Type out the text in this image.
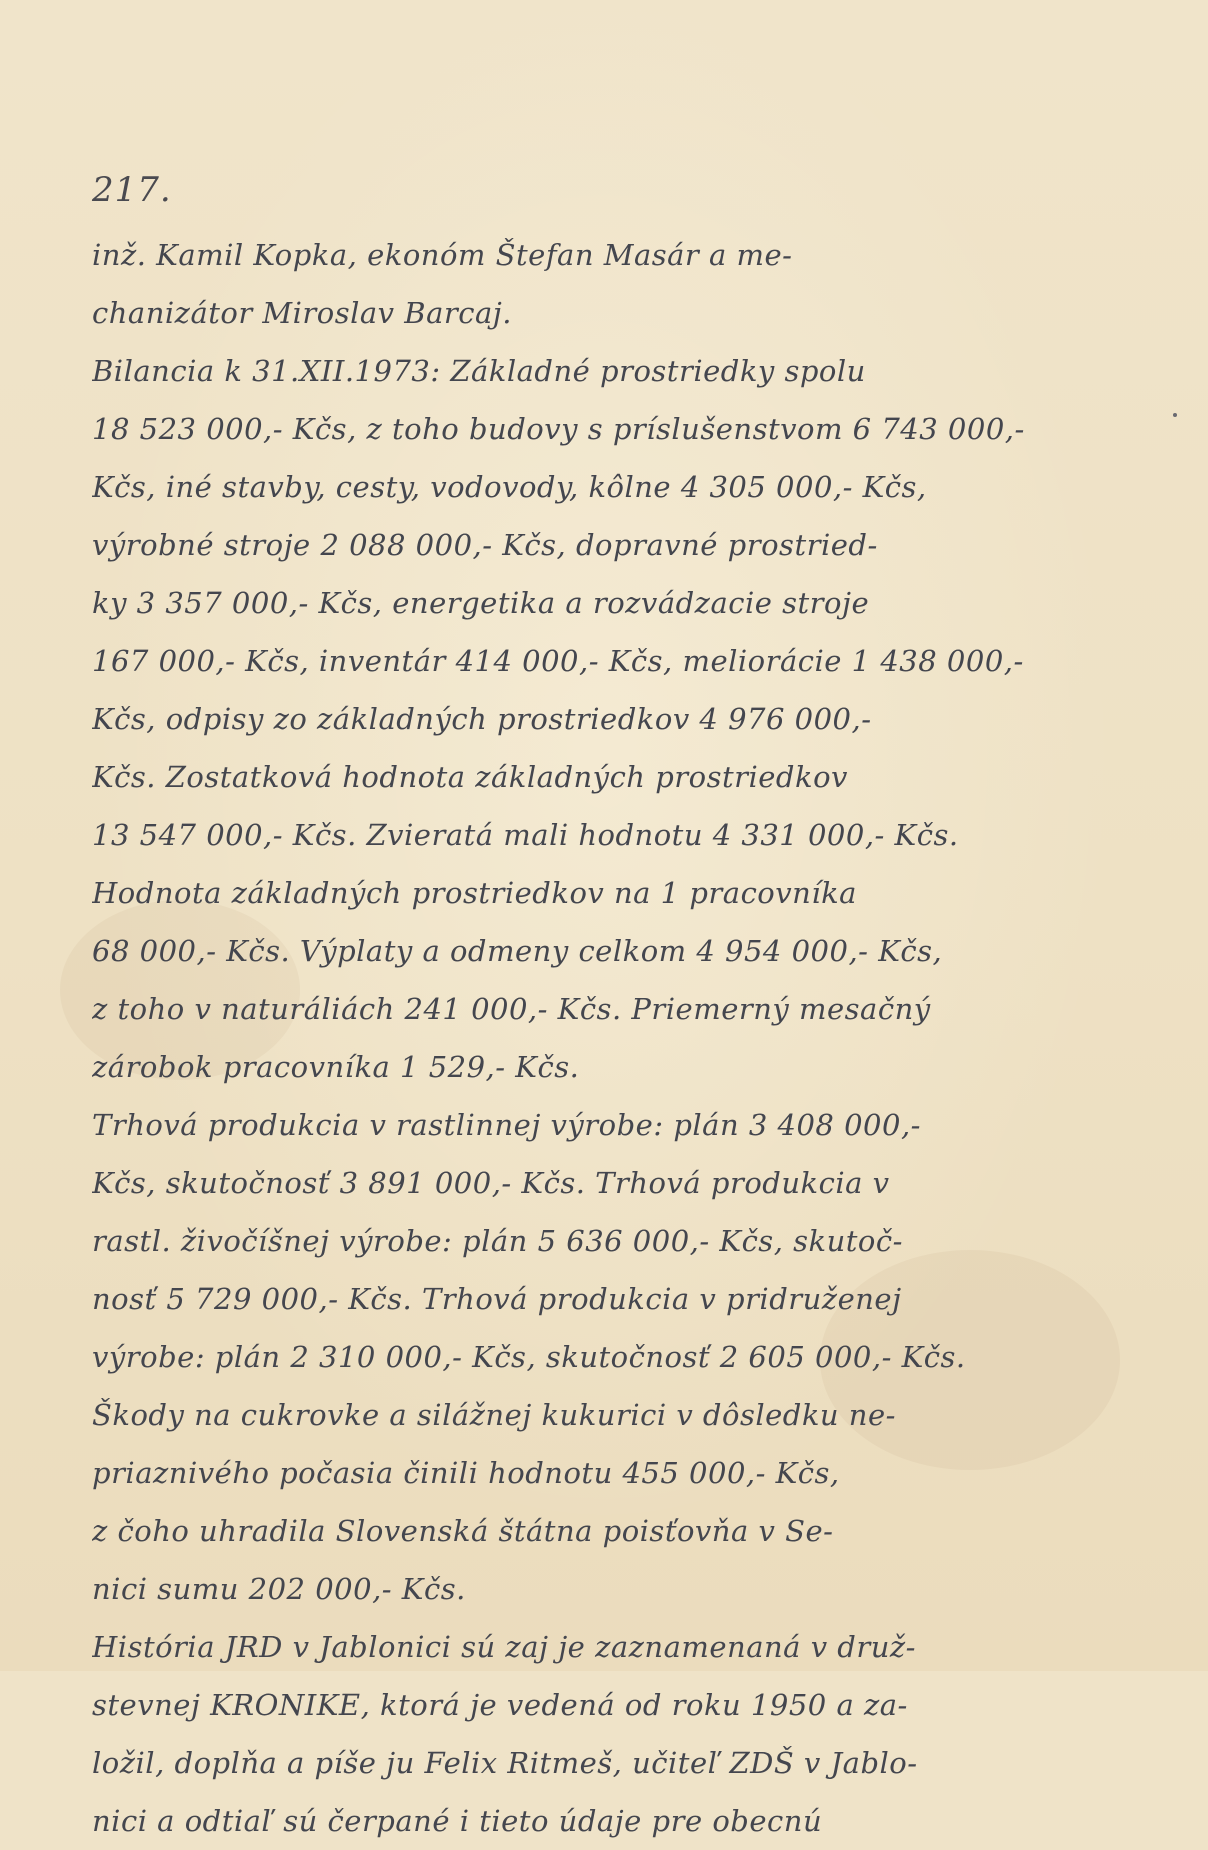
217.
inž. Kamil Kopka, ekonóm Štefan Masár a me-
chanizátor Miroslav Barcaj.
Bilancia k 31.XII.1973: Základné prostriedky spolu
18 523 000,- Kčs, z toho budovy s príslušenstvom 6 743 000,-
Kčs, iné stavby, cesty, vodovody, kôlne 4 305 000,- Kčs,
výrobné stroje 2 088 000,- Kčs, dopravné prostried-
ky 3 357 000,- Kčs, energetika a rozvádzacie stroje
167 000,- Kčs, inventár 414 000,- Kčs, meliorácie 1 438 000,-
Kčs, odpisy zo základných prostriedkov 4 976 000,-
Kčs. Zostatková hodnota základných prostriedkov
13 547 000,- Kčs. Zvieratá mali hodnotu 4 331 000,- Kčs.
Hodnota základných prostriedkov na 1 pracovníka
68 000,- Kčs. Výplaty a odmeny celkom 4 954 000,- Kčs,
z toho v naturáliách 241 000,- Kčs. Priemerný mesačný
zárobok pracovníka 1 529,- Kčs.
Trhová produkcia v rastlinnej výrobe: plán 3 408 000,-
Kčs, skutočnosť 3 891 000,- Kčs. Trhová produkcia v
rastl. živočíšnej výrobe: plán 5 636 000,- Kčs, skutoč-
nosť 5 729 000,- Kčs. Trhová produkcia v pridruženej
výrobe: plán 2 310 000,- Kčs, skutočnosť 2 605 000,- Kčs.
Škody na cukrovke a silážnej kukurici v dôsledku ne-
priaznivého počasia činili hodnotu 455 000,- Kčs,
z čoho uhradila Slovenská štátna poisťovňa v Se-
nici sumu 202 000,- Kčs.
História JRD v Jablonici sú zaj je zaznamenaná v druž-
stevnej KRONIKE, ktorá je vedená od roku 1950 a za-
ložil, doplňa a píše ju Felix Ritmeš, učiteľ ZDŠ v Jablo-
nici a odtiaľ sú čerpané i tieto údaje pre obecnú
